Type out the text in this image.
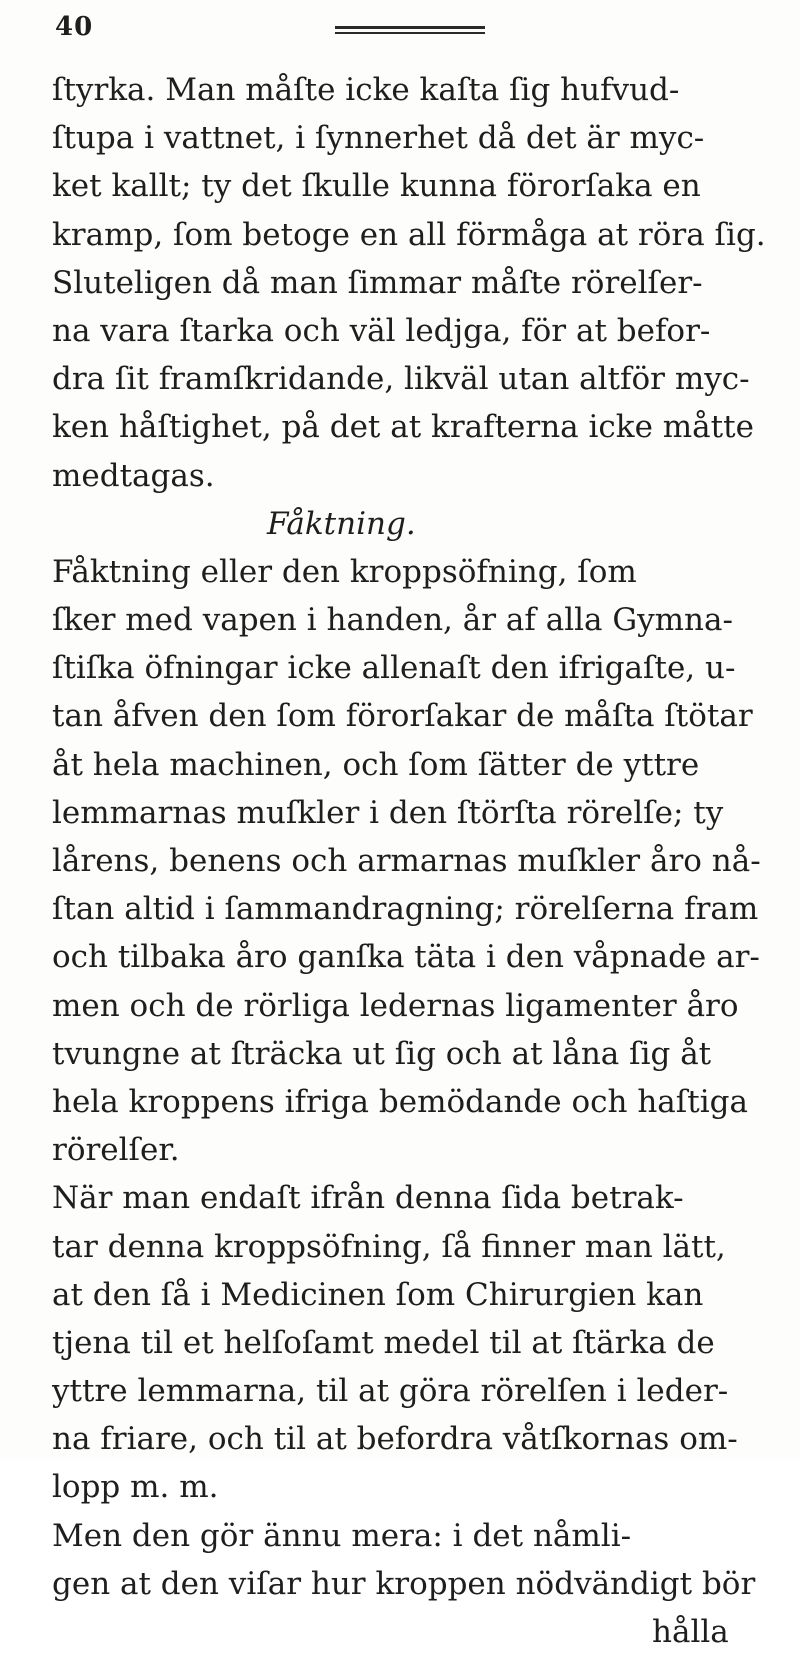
40
ſtyrka. Man måſte icke kaſta ſig hufvud-
ſtupa i vattnet, i ſynnerhet då det är myc-
ket kallt; ty det ſkulle kunna förorſaka en
kramp, ſom betoge en all förmåga at röra ſig.
Sluteligen då man ſimmar måſte rörelſer-
na vara ſtarka och väl ledjga, för at befor-
dra ſit framſkridande, likväl utan altför myc-
ken håſtighet, på det at krafterna icke måtte
medtagas.
Fåktning.
Fåktning eller den kroppsöfning, ſom
ſker med vapen i handen, år af alla Gymna-
ſtiſka öfningar icke allenaſt den ifrigaſte, u-
tan åfven den ſom förorſakar de måſta ſtötar
åt hela machinen, och ſom ſätter de yttre
lemmarnas muſkler i den ſtörſta rörelſe; ty
lårens, benens och armarnas muſkler åro nå-
ſtan altid i ſammandragning; rörelſerna fram
och tilbaka åro ganſka täta i den våpnade ar-
men och de rörliga ledernas ligamenter åro
tvungne at ſträcka ut ſig och at låna ſig åt
hela kroppens ifriga bemödande och haſtiga
rörelſer.
När man endaſt ifrån denna ſida betrak-
tar denna kroppsöfning, ſå finner man lätt,
at den ſå i Medicinen ſom Chirurgien kan
tjena til et helſoſamt medel til at ſtärka de
yttre lemmarna, til at göra rörelſen i leder-
na friare, och til at befordra våtſkornas om-
lopp m. m.
Men den gör ännu mera: i det nåmli-
gen at den viſar hur kroppen nödvändigt bör
hålla
